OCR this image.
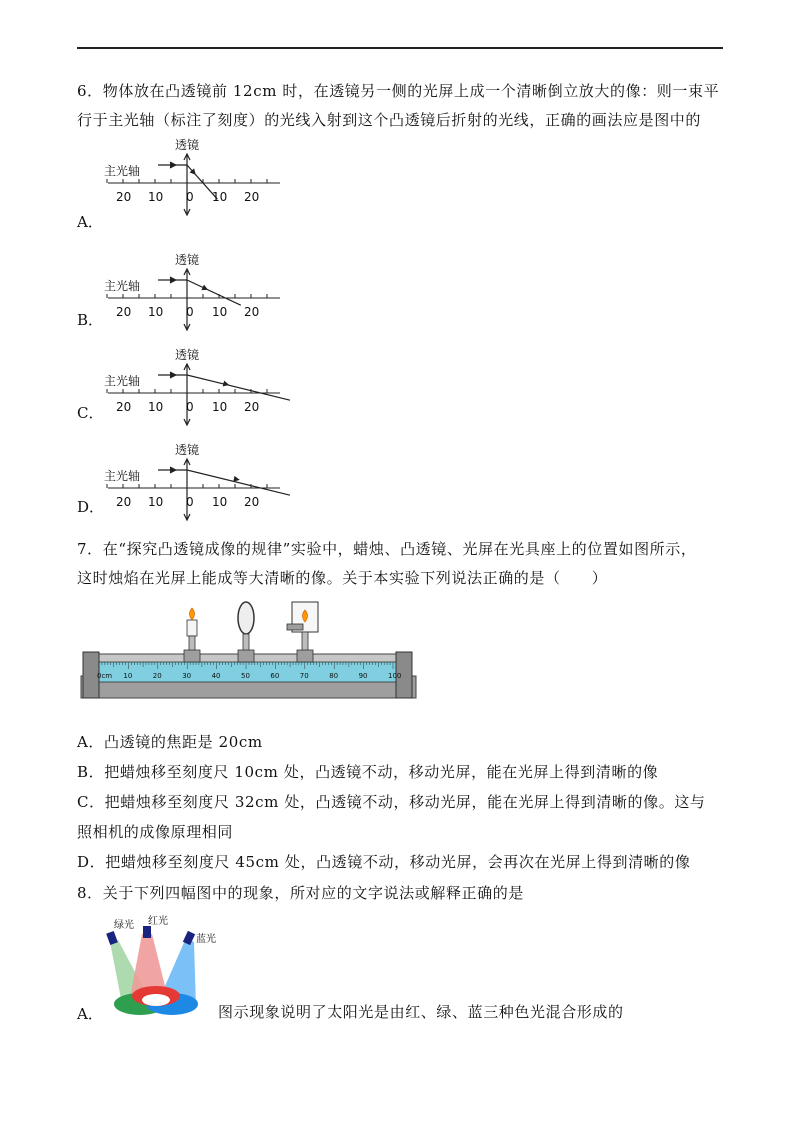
6．物体放在凸透镜前 12cm 时，在透镜另一侧的光屏上成一个清晰倒立放大的像：则一束平
行于主光轴（标注了刻度）的光线入射到这个凸透镜后折射的光线，正确的画法应是图中的
透镜
主光轴
20 10 0 10 20
透镜
主光轴
20 10 0 10 20
透镜
主光轴
20 10 0 10 20
透镜
主光轴
20 10 0 10 20
A．
B．
C．
D．
7．在“探究凸透镜成像的规律”实验中，蜡烛、凸透镜、光屏在光具座上的位置如图所示，
这时烛焰在光屏上能成等大清晰的像。关于本实验下列说法正确的是（　　）
0cm 10	20	30	40	50	60	70	80	90	100
A．凸透镜的焦距是 20cm
B．把蜡烛移至刻度尺 10cm 处，凸透镜不动，移动光屏，能在光屏上得到清晰的像
C．把蜡烛移至刻度尺 32cm 处，凸透镜不动，移动光屏，能在光屏上得到清晰的像。这与
照相机的成像原理相同
D．把蜡烛移至刻度尺 45cm 处，凸透镜不动，移动光屏，会再次在光屏上得到清晰的像
8．关于下列四幅图中的现象，所对应的文字说法或解释正确的是
绿光 红光
蓝光
A．	图示现象说明了太阳光是由红、绿、蓝三种色光混合形成的
